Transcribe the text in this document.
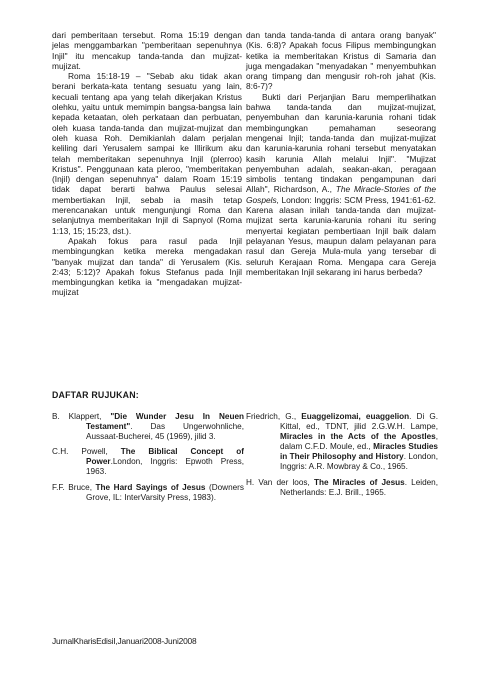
dari pemberitaan tersebut. Roma 15:19 dengan jelas menggambarkan "pemberitaan sepenuhnya Injil" itu mencakup tanda-tanda dan mujizat-mujizat.

Roma 15:18-19 – "Sebab aku tidak akan berani berkata-kata tentang sesuatu yang lain, kecuali tentang apa yang telah dikerjakan Kristus olehku, yaitu untuk memimpin bangsa-bangsa lain kepada ketaatan, oleh perkataan dan perbuatan, oleh kuasa tanda-tanda dan mujizat-mujizat dan oleh kuasa Roh. Demikianlah dalam perjalan keliling dari Yerusalem sampai ke Illirikum aku telah memberitakan sepenuhnya Injil (plerroo) Kristus". Penggunaan kata pleroo, "memberitakan (Injil) dengan sepenuhnya" dalam Roam 15:19 tidak dapat berarti bahwa Paulus selesai membertiakan Injil, sebab ia masih tetap merencanakan untuk mengunjungi Roma dan selanjutnya memberitakan Injil di Sapnyol (Roma 1:13, 15; 15:23, dst.).

Apakah fokus para rasul pada Injil membingungkan ketika mereka mengadakan "banyak mujizat dan tanda" di Yerusalem (Kis. 2:43; 5:12)? Apakah fokus Stefanus pada Injil membingungkan ketika ia "mengadakan mujizat-mujizat

dan tanda tanda-tanda di antara orang banyak" (Kis. 6:8)? Apakah focus Filipus membingungkan ketika ia memberitakan Kristus di Samaria dan juga mengadakan "menyadakan " menyembuhkan orang timpang dan mengusir roh-roh jahat (Kis. 8:6-7)?

Bukti dari Perjanjian Baru memperlihatkan bahwa tanda-tanda dan mujizat-mujizat, penyembuhan dan karunia-karunia rohani tidak membingungkan pemahaman seseorang mengenai Injil; tanda-tanda dan mujizat-mujizat dan karunia-karunia rohani tersebut menyatakan kasih karunia Allah melalui Injil". "Mujizat penyembuhan adalah, seakan-akan, peragaan simbolis tentang tindakan pengampunan dari Allah", Richardson, A., The Miracle-Stories of the Gospels, London: Inggris: SCM Press, 1941:61-62. Karena alasan inilah tanda-tanda dan mujizat-mujizat serta karunia-karunia rohani itu sering menyertai kegiatan pembertiaan Injil baik dalam pelayanan Yesus, maupun dalam pelayanan para rasul dan Gereja Mula-mula yang tersebar di seluruh Kerajaan Roma. Mengapa cara Gereja memberitakan Injil sekarang ini harus berbeda?

DAFTAR RUJUKAN:

B. Klappert, "Die Wunder Jesu In Neuen Testament". Das Ungerwohnliche, Aussaat-Bucherei, 45 (1969), jilid 3.

C.H. Powell, The Biblical Concept of Power.London, Inggris: Epwoth Press, 1963.

F.F. Bruce, The Hard Sayings of Jesus (Downers Grove, IL: InterVarsity Press, 1983).

Friedrich, G., Euaggelizomai, euaggelion. Di G. Kittal, ed., TDNT, jilid 2.G.W.H. Lampe, Miracles in the Acts of the Apostles, dalam C.F.D. Moule, ed., Miracles Studies in Their Philosophy and History. London, Inggris: A.R. Mowbray & Co., 1965.

H. Van der loos, The Miracles of Jesus. Leiden, Netherlands: E.J. Brill., 1965.

JurnalKharisEdisiI,Januari2008-Juni2008
